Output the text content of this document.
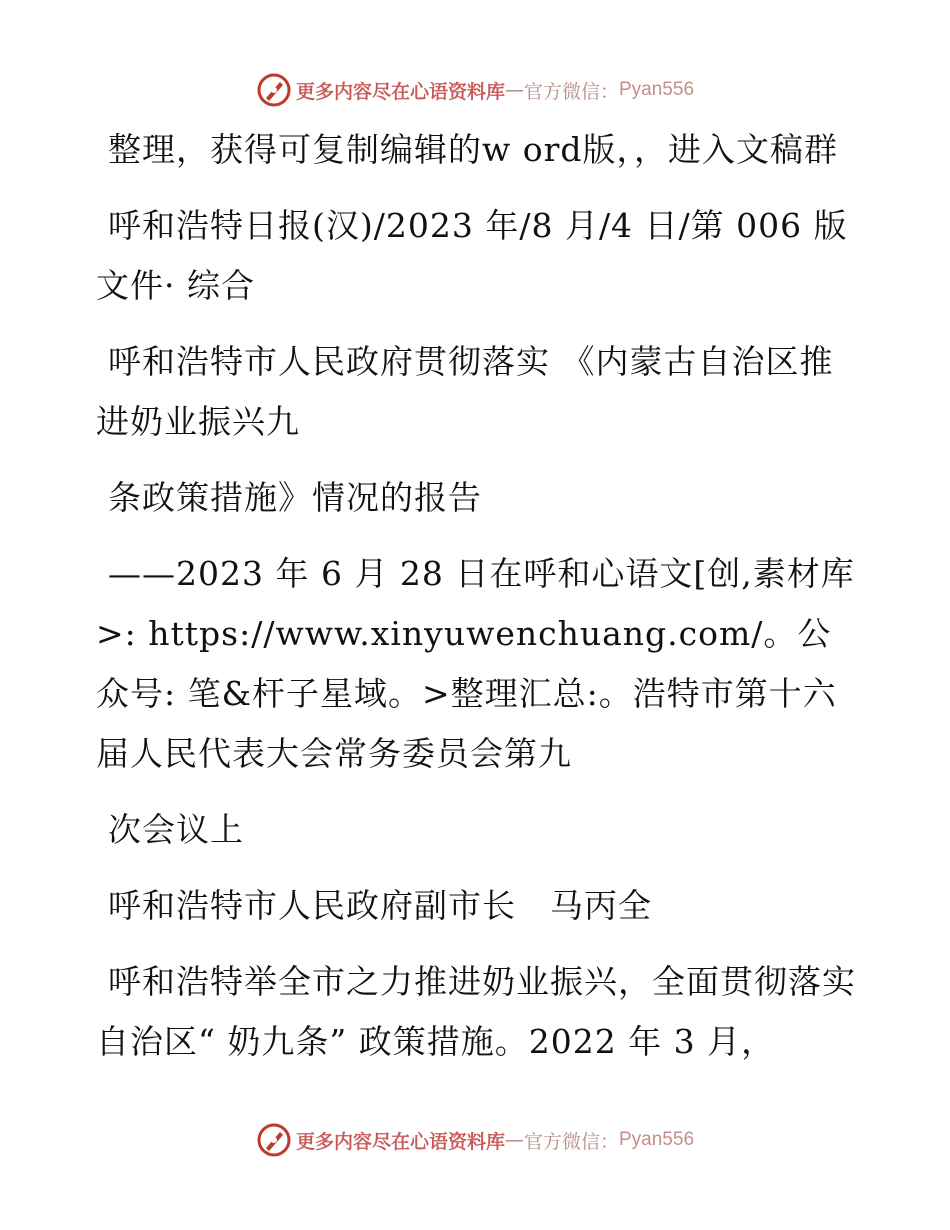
更多内容尽在心语资料库 — 官方微信： Pyan556

整理，获得可复制编辑的w ord版，，进入文稿群

呼和浩特日报(汉)/2023 年/8 月/4 日/第 006 版文件· 综合

呼和浩特市人民政府贯彻落实 《内蒙古自治区推进奶业振兴九

条政策措施》情况的报告

——2023 年 6 月 28 日在呼和心语文[创,素材库>: https://www.xinyuwenchuang.com/。公众号: 笔&杆子星域。>整理汇总:。浩特市第十六届人民代表大会常务委员会第九

次会议上

呼和浩特市人民政府副市长　马丙全

呼和浩特举全市之力推进奶业振兴，全面贯彻落实自治区“ 奶九条” 政策措施。2022 年 3 月，

更多内容尽在心语资料库 — 官方微信： Pyan556
